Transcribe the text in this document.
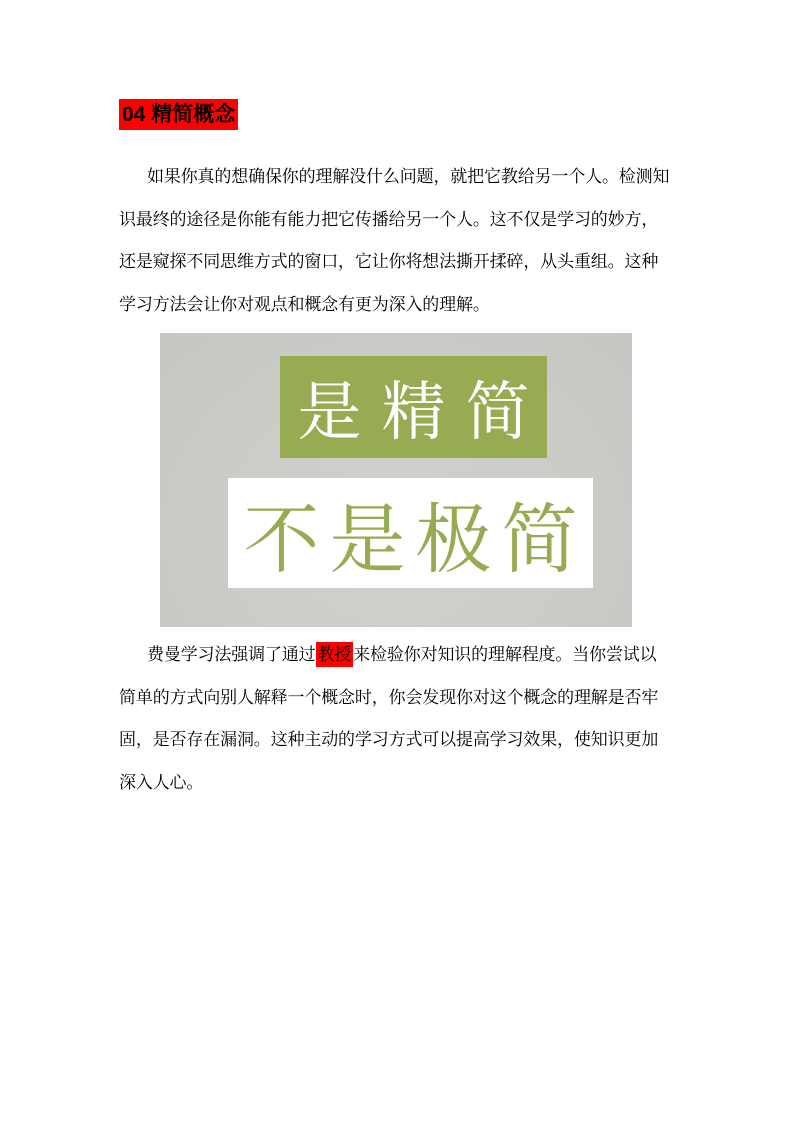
04 精简概念
如果你真的想确保你的理解没什么问题，就把它教给另一个人。检测知
识最终的途径是你能有能力把它传播给另一个人。这不仅是学习的妙方，
还是窥探不同思维方式的窗口，它让你将想法撕开揉碎，从头重组。这种
学习方法会让你对观点和概念有更为深入的理解。
是精简
不是极简
费曼学习法强调了通过 教授 来检验你对知识的理解程度。当你尝试以
简单的方式向别人解释一个概念时，你会发现你对这个概念的理解是否牢
固，是否存在漏洞。这种主动的学习方式可以提高学习效果，使知识更加
深入人心。
